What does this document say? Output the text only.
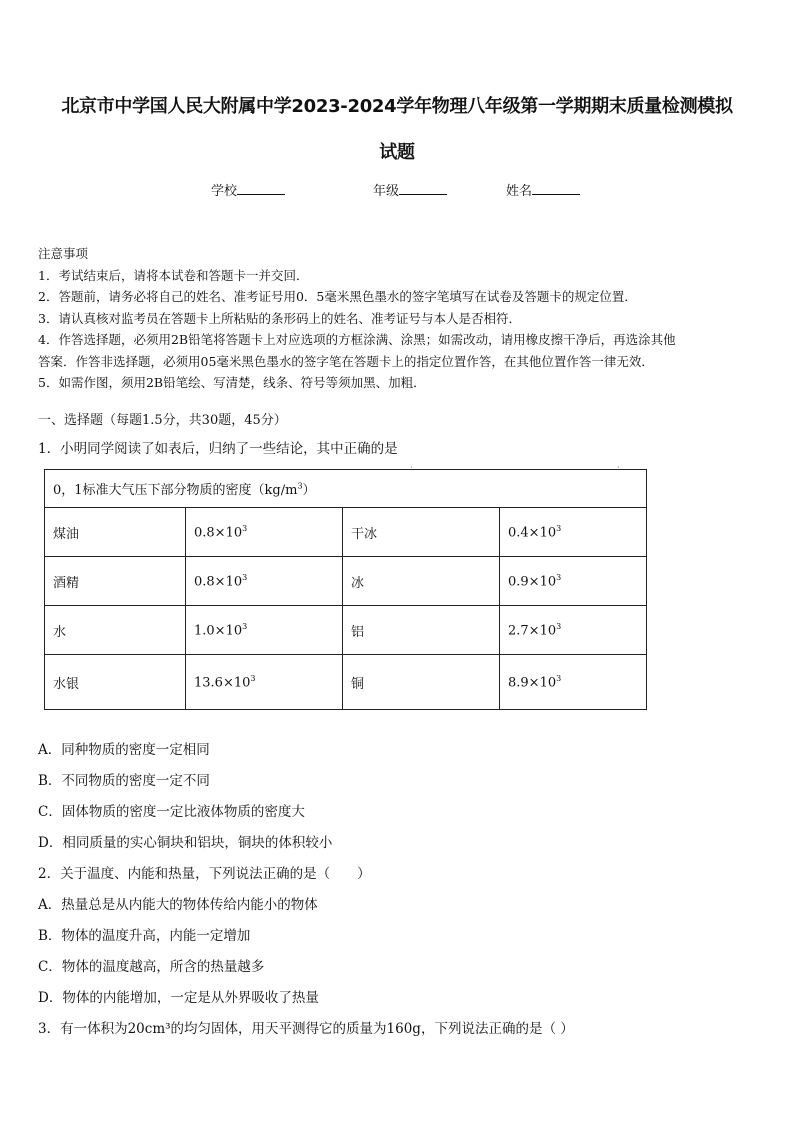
北京市中学国人民大附属中学2023-2024学年物理八年级第一学期期末质量检测模拟
试题
学校	年级	姓名
注意事项
1．考试结束后，请将本试卷和答题卡一并交回．
2．答题前，请务必将自己的姓名、准考证号用0．5毫米黑色墨水的签字笔填写在试卷及答题卡的规定位置．
3．请认真核对监考员在答题卡上所粘贴的条形码上的姓名、准考证号与本人是否相符．
4．作答选择题，必须用2B铅笔将答题卡上对应选项的方框涂满、涂黑；如需改动，请用橡皮擦干净后，再选涂其他
答案．作答非选择题，必须用05毫米黑色墨水的签字笔在答题卡上的指定位置作答，在其他位置作答一律无效．
5．如需作图，须用2B铅笔绘、写清楚，线条、符号等须加黑、加粗．
一、选择题（每题1.5分，共30题，45分）
1．小明同学阅读了如表后，归纳了一些结论，其中正确的是
·	·
0，1标准大气压下部分物质的密度$(kg/m^3)$			
煤油	$0.8\times 10^3$	干冰	$0.4\times 10^3$
酒精	$0.8\times 10^3$	冰	$0.9\times 10^3$
水	$1.0\times 10^3$	铝	$2.7\times 10^3$
水银	$13.6\times 10^3$	铜	$8.9\times 10^3$
A．同种物质的密度一定相同
B．不同物质的密度一定不同
C．固体物质的密度一定比液体物质的密度大
D．相同质量的实心铜块和铝块，铜块的体积较小
2．关于温度、内能和热量，下列说法正确的是（　　）
A．热量总是从内能大的物体传给内能小的物体
B．物体的温度升高，内能一定增加
C．物体的温度越高，所含的热量越多
D．物体的内能增加，一定是从外界吸收了热量
3．有一体积为20cm³的均匀固体，用天平测得它的质量为160g，下列说法正确的是（ ）
